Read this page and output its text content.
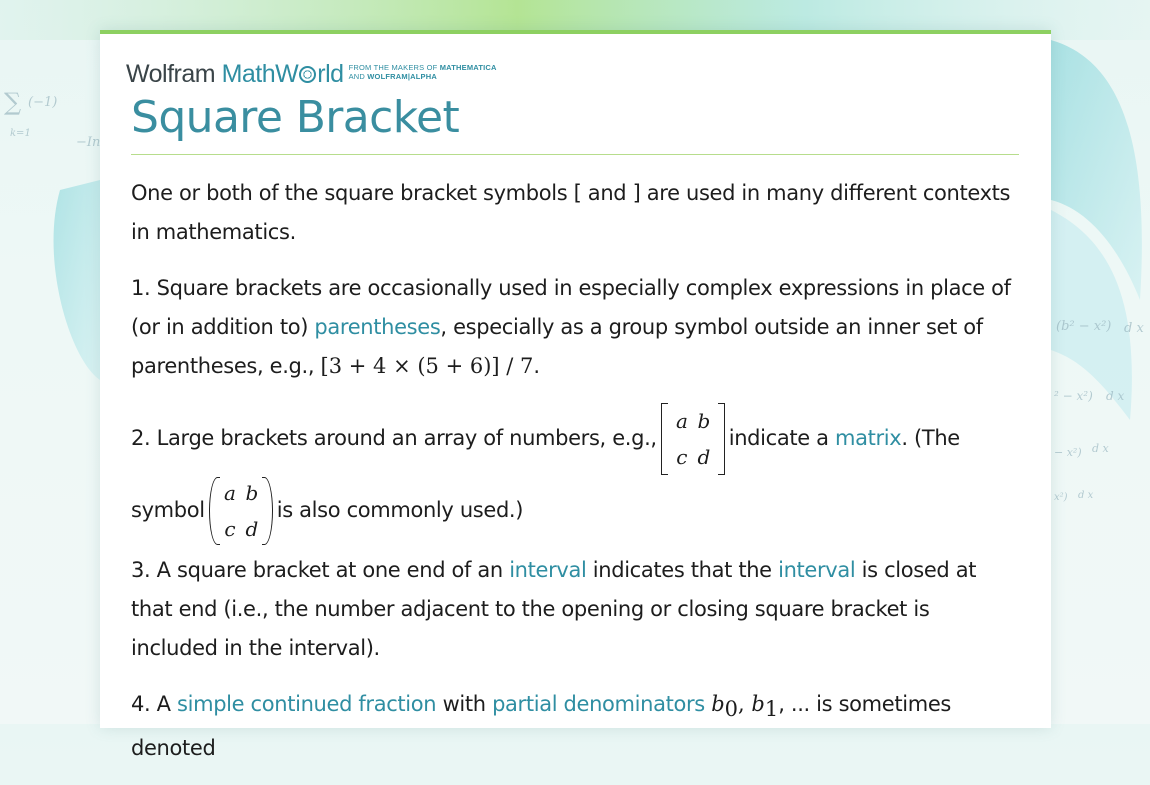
∑ (−1)
k=1
−In
(b² − x²) d x
² − x²) d x
− x²) d x
x²) d x
Wolfram MathW rld FROM THE MAKERS OF MATHEMATICA
AND WOLFRAM|ALPHA
Square Bracket

One or both of the square bracket symbols [ and ] are used in many different contexts in mathematics.

1. Square brackets are occasionally used in especially complex expressions in place of (or in addition to) parentheses, especially as a group symbol outside an inner set of parentheses, e.g., [3 + 4 × (5 + 6)] / 7.

2. Large brackets around an array of numbers, e.g.,
a b
c d
indicate a matrix. (The

symbol
a b
c d
is also commonly used.)

3. A square bracket at one end of an interval indicates that the interval is closed at that end (i.e., the number adjacent to the opening or closing square bracket is included in the interval).

4. A simple continued fraction with partial denominators $b_0$, $b_1$, ... is sometimes denoted
